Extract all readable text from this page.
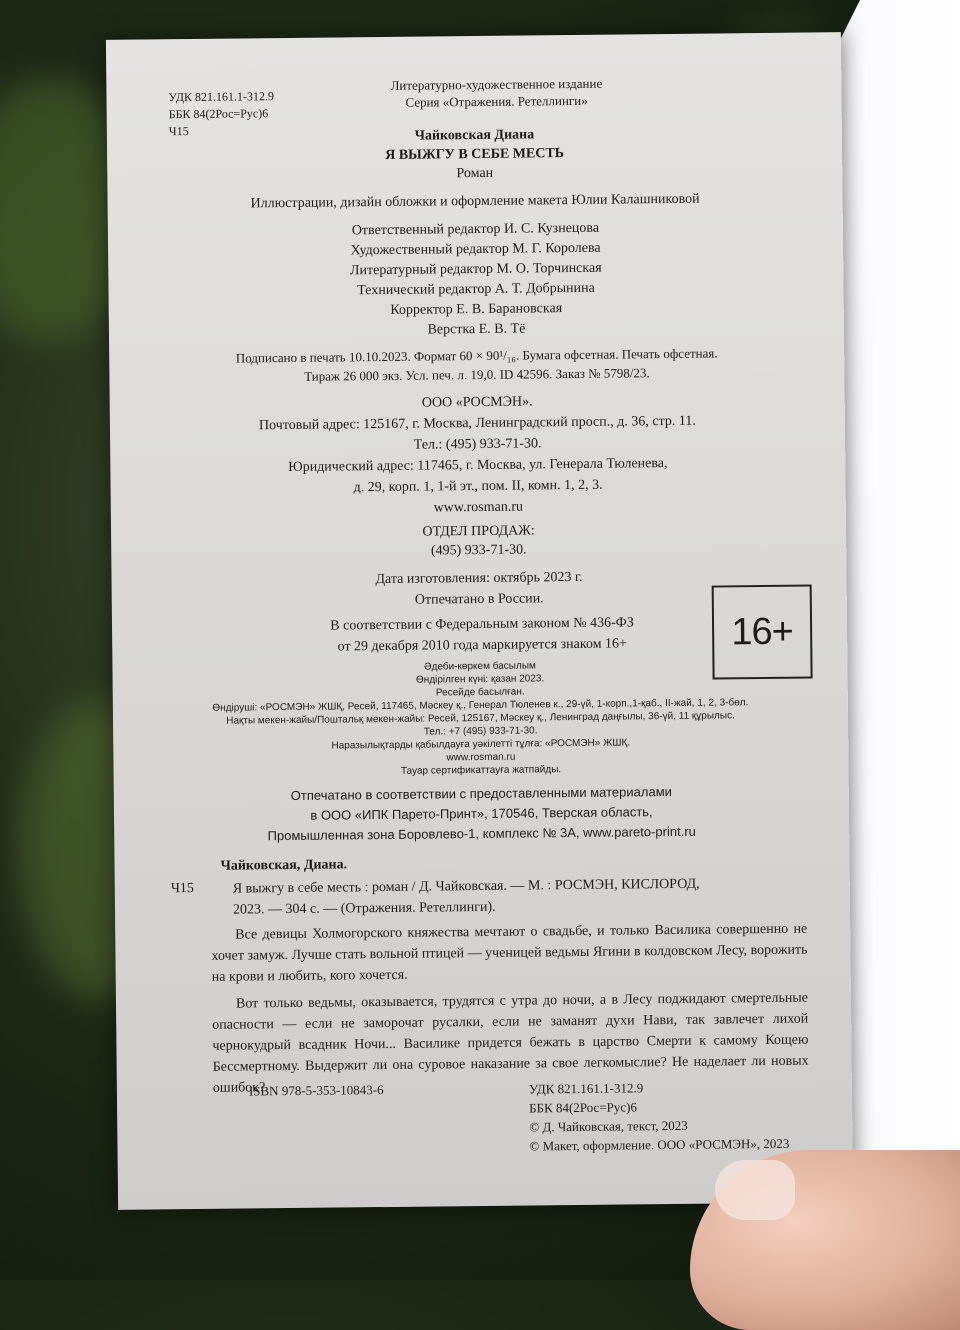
УДК 821.161.1-312.9
ББК 84(2Рос=Рус)6
Ч15
Литературно-художественное издание
Серия «Отражения. Ретеллинги»
Чайковская Диана
Я ВЫЖГУ В СЕБЕ МЕСТЬ
Роман
Иллюстрации, дизайн обложки и оформление макета Юлии Калашниковой
Ответственный редактор И. С. Кузнецова
Художественный редактор М. Г. Королева
Литературный редактор М. О. Торчинская
Технический редактор А. Т. Добрынина
Корректор Е. В. Барановская
Верстка Е. В. Тё
Подписано в печать 10.10.2023. Формат 60 × 90¹/₁₆. Бумага офсетная. Печать офсетная.
Тираж 26 000 экз. Усл. печ. л. 19,0. ID 42596. Заказ № 5798/23.
ООО «РОСМЭН».
Почтовый адрес: 125167, г. Москва, Ленинградский просп., д. 36, стр. 11.
Тел.: (495) 933-71-30.
Юридический адрес: 117465, г. Москва, ул. Генерала Тюленева,
д. 29, корп. 1, 1-й эт., пом. II, комн. 1, 2, 3.
www.rosman.ru
ОТДЕЛ ПРОДАЖ:
(495) 933-71-30.
Дата изготовления: октябрь 2023 г.
Отпечатано в России.
В соответствии с Федеральным законом № 436-ФЗ
от 29 декабря 2010 года маркируется знаком 16+	16+
Әдеби-көркем басылым
Өндірілген күні: қазан 2023.
Ресейде басылған.
Өндіруші: «РОСМЭН» ЖШҚ, Ресей, 117465, Мәскеу қ., Генерал Тюленев к., 29-үй, 1-корп.,1-қаб., II-жай, 1, 2, 3-бөл.
Нақты мекен-жайы/Поштальқ мекен-жайы: Ресей, 125167, Мәскеу қ., Ленинград даңғылы, 36-үй, 11 құрылыс.
Тел.: +7 (495) 933-71-30.
Наразылықтарды қабылдауға уәкілетті тұлға: «РОСМЭН» ЖШҚ.
www.rosman.ru
Тауар сертификаттауға жатпайды.
Отпечатано в соответствии с предоставленными материалами
в ООО «ИПК Парето-Принт», 170546, Тверская область,
Промышленная зона Боровлево-1, комплекс № 3А, www.pareto-print.ru
Чайковская, Диана.
Ч15	Я выжгу в себе месть : роман / Д. Чайковская. — М. : РОСМЭН, КИСЛОРОД,
2023. — 304 с. — (Отражения. Ретеллинги).
Все девицы Холмогорского княжества мечтают о свадьбе, и только Василика совершенно не хочет замуж. Лучше стать вольной птицей — ученицей ведьмы Ягини в колдовском Лесу, ворожить на крови и любить, кого хочется.
Вот только ведьмы, оказывается, трудятся с утра до ночи, а в Лесу поджидают смертельные опасности — если не заморочат русалки, если не заманят духи Нави, так завлечет лихой чернокудрый всадник Ночи... Василике придется бежать в царство Смерти к самому Кощею Бессмертному. Выдержит ли она суровое наказание за свое легкомыслие? Не наделает ли новых ошибок?
ISBN 978-5-353-10843-6	УДК 821.161.1-312.9
ББК 84(2Рос=Рус)6
© Д. Чайковская, текст, 2023
© Макет, оформление. ООО «РОСМЭН», 2023
